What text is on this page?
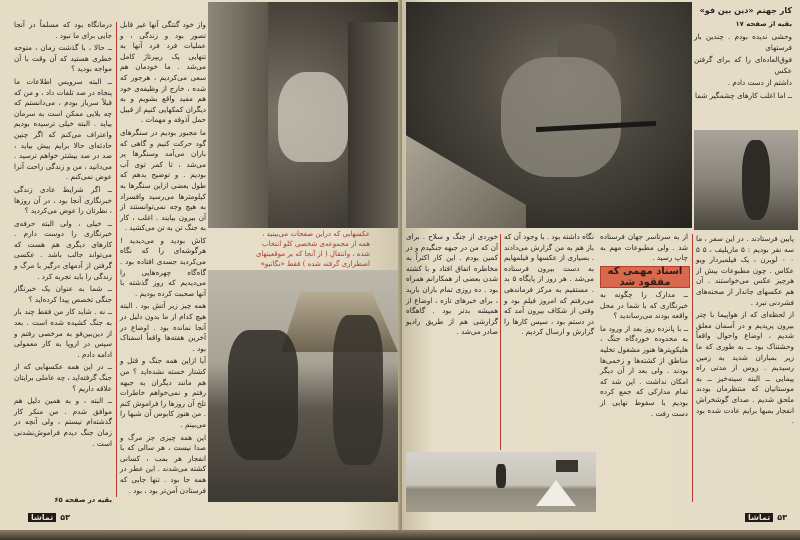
درمانگاه بود که مسلماً در آنجا جایی برای ما نبود .

ــ حالا ، با گذشت زمان ، متوجه خطری هستید که آن وقت با آن مواجه بودید ؟

ــ البته سرویس اطلاعات ما پنجاه در صد تلفات داد ، و من که قبلاً سرباز بودم ، می‌دانستم که چه بلایی ممکن است به سرمان بیاید . البته خیلی ترسیده بودیم واعتراف می‌کنم که اگر چنین حادثه‌ای حالا برایم پیش بیاید ، صد در صد بیشتر خواهم ترسید . می‌دانید ، من و زندگی راحت آنرا عوض نمی‌کنم .

ــ اگر شرایط عادی زندگی خبرنگاری آنجا بود ، در آن روزها ، نظرتان را عوض می‌کردید ؟

ــ خیلی ، ولی البته حرفه‌ی خبرنگاری را دوست دارم . کارهای دیگری هم هست که می‌تواند جالب باشد . عکسی گرفتن از آدمهای درگیر با مرگ و زندگی را باید تجربه کرد .

ــ شما به عنوان یک خبرنگار جنگی تخصص پیدا کرده‌اید ؟

ــ نه . شاید کار من فقط چند بار به جنگ کشیده شده است . بعد از دین‌بین‌فو به مرخصی رفتم و سپس در اروپا به کار معمولی ادامه دادم .

ــ در این همه عکسهایی که از جنگ گرفته‌اید ، چه عاملی برایتان علاقه داریم ؟

ــ البته ، و به همین دلیل هم موافق شدم . من منکر کار گذشته‌ام نیستم ، ولی آنچه در زمان جنگ دیدم فراموش‌نشدنی است .

بقیه در صفحه ۶۵

واز خود گنتگی آنها غیر قابل تصور بود و زندگی ، و عملیات فرد فرد آنها به تنهایی یک ریپرتاژ کامل می‌شد . ما خودمان هم سعی می‌کردیم ، هرجور که شده ، خارج از وظیفه‌ی خود هم مفید واقع بشویم و به دیگران کمکهایی کنیم از قبیل حمل آذوقه و مهمات .

ما مجبور بودیم در سنگرهای گود حرکت کنیم و گاهی که باران می‌آمد وسنگرها پر می‌شد ، تا کمر توی آب بودیم . و توضیح بدهم که طول بعضی ازاین سنگرها به کیلومترها می‌رسید وافسراد به هیچ وجه نمی‌توانستند از آن بیرون بیایند . اغلب ، کار به جنگ تن به تن می‌کشید .

کاش بودید و می‌دیدید ! هرگوشه‌ای را که نگاه می‌کردید جسدی افتاده بود . گاه‌گاه چهره‌هایی را می‌دیدیم که روز گذشته با آنها صحبت کرده بودیم .

همه چیز زیر آتش بود . البته هیچ کدام از ما بدون دلیل در آنجا نمانده بود . اوضاع در آخرین هفته‌ها واقعاً اسفناک بود .

آیا ازاین همه جنگ و قتل و کشتار خسته نشده‌اید ؟ من هم مانند دیگران به جبهه رفتم و نمی‌خواهم خاطرات تلخ آن روزها را فراموش کنم . من هنوز کابوس آن شبها را می‌بینم .

این همه چیزی جز مرگ و صدا نیست ، هر سالی که با انفجار هر بمب ، کسانی کشته می‌شدند . این عطر در همه جا بود . تنها جایی که فرستادن آمن‌تر بود ، بود .

عکسهایی که دراین صفحات می‌بینید ،
همه از مجموعه‌ی شخصی کلو انتخاب
شده ، وانتقالِ ( از آنجا که بر موقعیتهای
اضطراری گرفته شده ) فقط «نگاتیو»
کار جهنم «دین بین فو»
بقیه از صفحه ۱۷

وحشی ندیده بودم . چندین بار فرستهای

فوق‌العاده‌ای را که برای گرفتن عکس

داشتم از دست دادم .

ــ اما اغلب کارهای چشمگیر شما

خوردی از جنگ و سلاح . برای آن که من در جبهه جنگیدم و در کمین بودم . این کار اکثراً به مخاطره اتفاق افتاد و با کشته شدن بعضی از همکارانم همراه بود . ده روزی تمام باران بارید ، برای خبرهای تازه ، اوضاع از همیشه بدتر بود . گاهگاه گزارشی هم از طریق رادیو صادر می‌شد .

نگاه داشته بود . با وجود آن که باز هم به من گزارش می‌دادند . بسیاری از عکسها و فیلمهایم به دست بیرون فرستاده می‌شد . هر روز از پایگاه ۵ بد . مستقیم به مرکز فرماندهی می‌رفتم که امروز فیلم بود و وقتی از شکاف بیرون آمد که در دستم بود ، سپس کارها را گزارش و ارسال کردیم .

از به سرتاسر جهان فرستاده شد . ولی مطبوعات مهم به چاپ رسید .
اسناد مهمی که مفقود شد

ــ مدارک را چگونه به خبرنگاری که با شما در محل واقعه بودند می‌رساندید ؟

ــ با پانزده روز بعد از ورود ما به محدوده خوردگاه جنگ ، هلیکوپترها هنوز مشغول تخلیه مناطق از کشته‌ها و زخمی‌ها بودند . ولی بعد از آن دیگر امکان نداشت . این شد که تمام مدارکی که جمع کرده بودیم با سقوط نهایی از دست رفت .

پایین فرستادند . در این سفر ، ما سه نفر بودیم : ۵ ماریلیف ، ۵ ۵ ۰ ۰ لوبرن ، یک فیلمبردار ویو عکاس . چون مطبوعات بیش از هرچیز عکس می‌خواستند . آن هم عکسهای جاندار از صحنه‌های فشردنی نبرد .

از لحظه‌ای که از هواپیما با چتر بیرون پریدیم و در آسمان معلق شدیم ، اوضاع واحوال واقعاً وحشتناک بود ــ به طوری که ما زیر بمباران شدید به زمین رسیدیم . روس از مدتی راه پیمایی ــ البته سینه‌خیز ــ به موستانیان که منتظرمان بودند ملحق شدیم . صدای گوشخراش انفجار بمبها برایم عادت شده بود .

۵۳
تماشا	۵۳
تماشا
